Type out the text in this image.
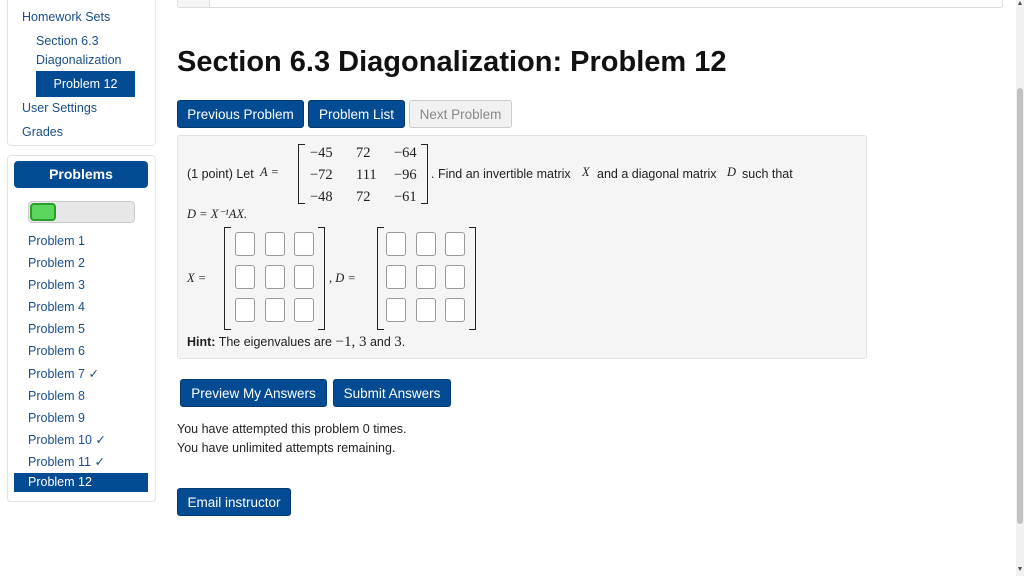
Homework Sets
Section 6.3
Diagonalization
Problem 12
User Settings
Grades
Problems
Problem 1
Problem 2
Problem 3
Problem 4
Problem 5
Problem 6
Problem 7 ✓
Problem 8
Problem 9
Problem 10 ✓
Problem 11 ✓
Problem 12
Section 6.3 Diagonalization: Problem 12
Previous Problem	Problem List	Next Problem
(1 point) Let A =
−45 72 −64
−72 111 −96
−48 72 −61
. Find an invertible matrix X and a diagonal matrix D such that
D = X⁻¹AX.
X =	, D =
Hint: The eigenvalues are −1, 3 and 3.
Preview My Answers	Submit Answers
You have attempted this problem 0 times.
You have unlimited attempts remaining.
Email instructor
▲
▼
